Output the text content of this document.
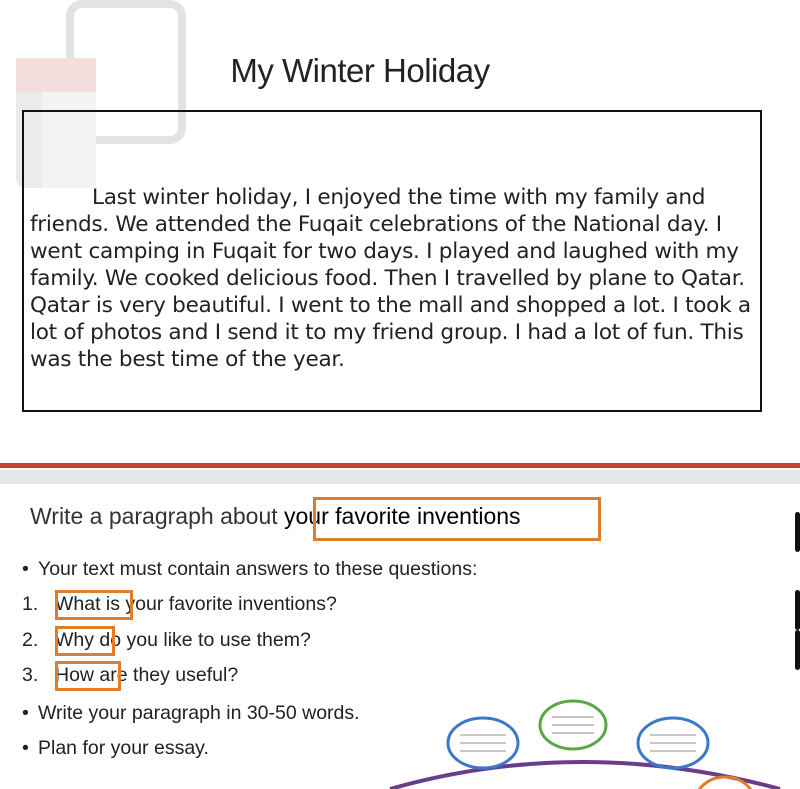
My Winter Holiday

Last winter holiday, I enjoyed the time with my family and friends. We attended the Fuqait celebrations of the National day. I went camping in Fuqait for two days. I played and laughed with my family. We cooked delicious food. Then I travelled by plane to Qatar. Qatar is very beautiful. I went to the mall and shopped a lot. I took a lot of photos and I send it to my friend group. I had a lot of fun. This was the best time of the year.

Write a paragraph about your favorite inventions
• Your text must contain answers to these questions:
1. What is your favorite inventions?
2. Why do you like to use them?
3. How are they useful?
• Write your paragraph in 30-50 words.
• Plan for your essay.
